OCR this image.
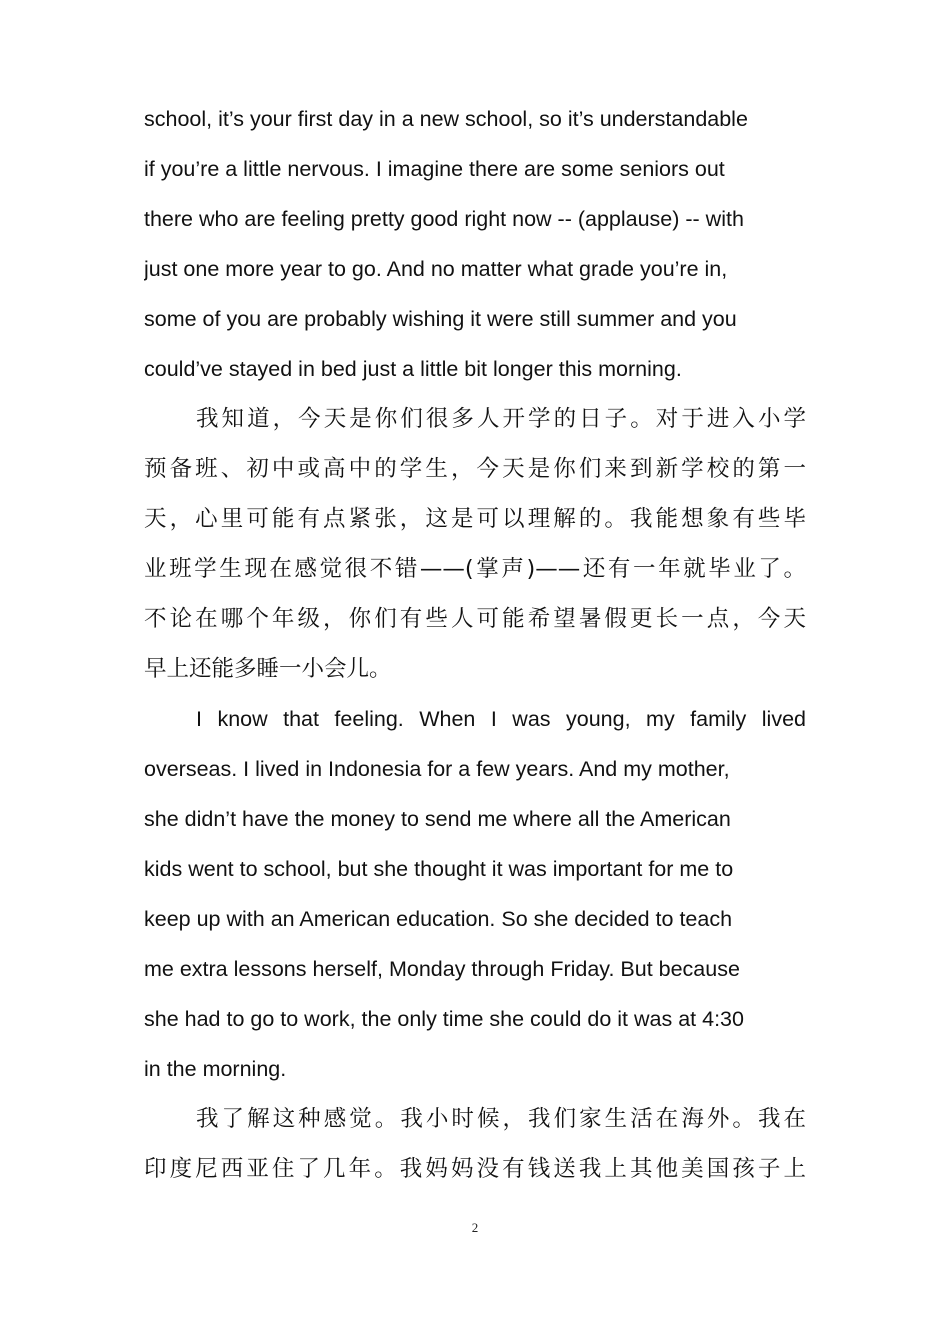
school, it’s your first day in a new school, so it’s understandable
if you’re a little nervous. I imagine there are some seniors out
there who are feeling pretty good right now -- (applause) -- with
just one more year to go. And no matter what grade you’re in,
some of you are probably wishing it were still summer and you
could’ve stayed in bed just a little bit longer this morning.
我知道，今天是你们很多人开学的日子。对于进入小学
预备班、初中或高中的学生，今天是你们来到新学校的第一
天，心里可能有点紧张，这是可以理解的。我能想象有些毕
业班学生现在感觉很不错——(掌声)——还有一年就毕业了。
不论在哪个年级，你们有些人可能希望暑假更长一点，今天
早上还能多睡一小会儿。
I know that feeling. When I was young, my family lived
overseas. I lived in Indonesia for a few years. And my mother,
she didn’t have the money to send me where all the American
kids went to school, but she thought it was important for me to
keep up with an American education. So she decided to teach
me extra lessons herself, Monday through Friday. But because
she had to go to work, the only time she could do it was at 4:30
in the morning.
我了解这种感觉。我小时候，我们家生活在海外。我在
印度尼西亚住了几年。我妈妈没有钱送我上其他美国孩子上
2
